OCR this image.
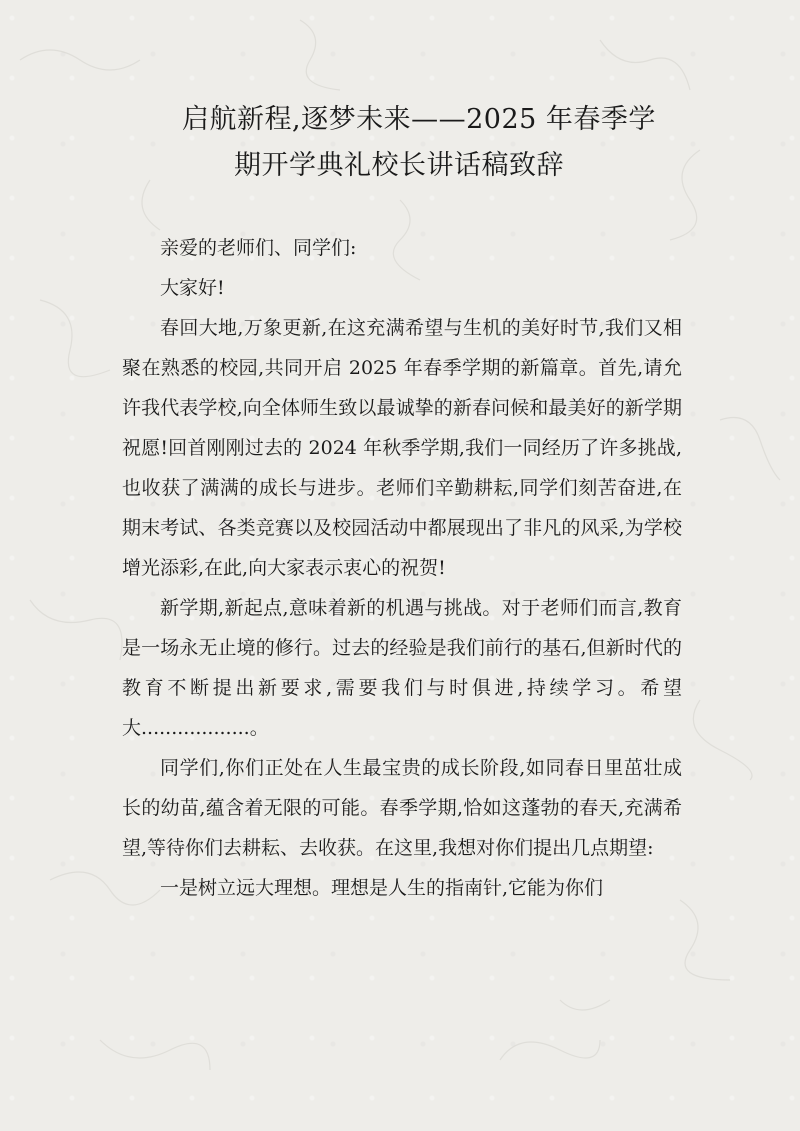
启航新程,逐梦未来——2025 年春季学
期开学典礼校长讲话稿致辞

亲爱的老师们、同学们:

大家好!

春回大地,万象更新,在这充满希望与生机的美好时节,我们又相聚在熟悉的校园,共同开启 2025 年春季学期的新篇章。首先,请允许我代表学校,向全体师生致以最诚挚的新春问候和最美好的新学期祝愿!回首刚刚过去的 2024 年秋季学期,我们一同经历了许多挑战,也收获了满满的成长与进步。老师们辛勤耕耘,同学们刻苦奋进,在期末考试、各类竞赛以及校园活动中都展现出了非凡的风采,为学校增光添彩,在此,向大家表示衷心的祝贺!

新学期,新起点,意味着新的机遇与挑战。对于老师们而言,教育是一场永无止境的修行。过去的经验是我们前行的基石,但新时代的教育不断提出新要求,需要我们与时俱进,持续学习。希望大..................。

同学们,你们正处在人生最宝贵的成长阶段,如同春日里茁壮成长的幼苗,蕴含着无限的可能。春季学期,恰如这蓬勃的春天,充满希望,等待你们去耕耘、去收获。在这里,我想对你们提出几点期望:

一是树立远大理想。理想是人生的指南针,它能为你们
